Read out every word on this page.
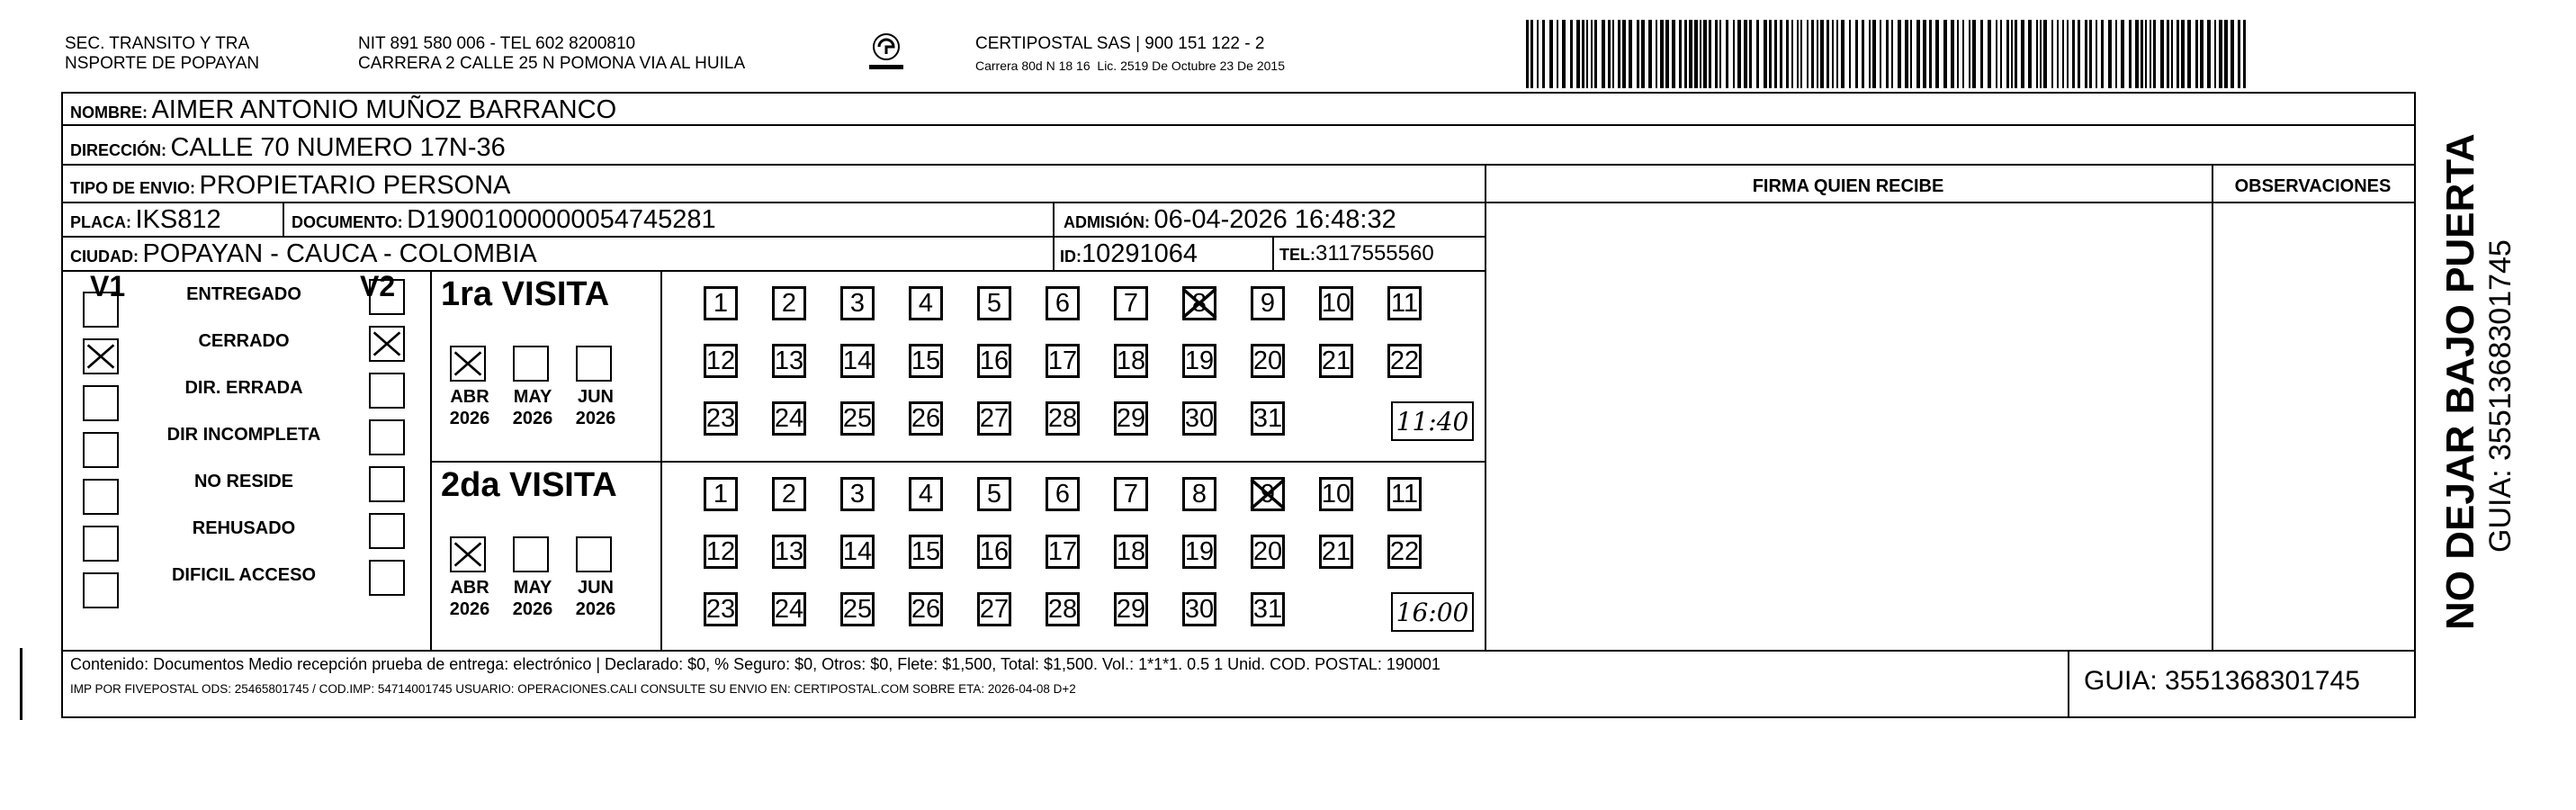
SEC. TRANSITO Y TRA
NSPORTE DE POPAYAN
NIT 891 580 006 - TEL 602 8200810
CARRERA 2 CALLE 25 N POMONA VIA AL HUILA
CERTIPOSTAL SAS | 900 151 122 - 2
Carrera 80d N 18 16  Lic. 2519 De Octubre 23 De 2015
NOMBRE: AIMER ANTONIO MUÑOZ BARRANCO
DIRECCIÓN: CALLE 70 NUMERO 17N-36
TIPO DE ENVIO: PROPIETARIO PERSONA	FIRMA QUIEN RECIBE	OBSERVACIONES
PLACA: IKS812	DOCUMENTO: D19001000000054745281	ADMISIÓN: 06-04-2026 16:48:32
CIUDAD: POPAYAN - CAUCA - COLOMBIA	ID:10291064	TEL:3117555560
V1	V2
ENTREGADO
CERRADO
DIR. ERRADA
DIR INCOMPLETA
NO RESIDE
REHUSADO
DIFICIL ACCESO
1ra VISITA
ABR
2026
MAY
2026
JUN
2026
1	2	3	4	5	6	7	8	9	10 11
12 13 14 15 16 17 18 19 20 21 22
23 24 25 26 27 28 29 30 31	11:40
2da VISITA
ABR
2026
MAY
2026
JUN
2026
1	2	3	4	5	6	7	8	9	10 11
12 13 14 15 16 17 18 19 20 21 22
23 24 25 26 27 28 29 30 31	16:00
Contenido: Documentos Medio recepción prueba de entrega: electrónico | Declarado: $0, % Seguro: $0, Otros: $0, Flete: $1,500, Total: $1,500. Vol.: 1*1*1. 0.5 1 Unid. COD. POSTAL: 190001
IMP POR FIVEPOSTAL ODS: 25465801745 / COD.IMP: 54714001745 USUARIO: OPERACIONES.CALI CONSULTE SU ENVIO EN: CERTIPOSTAL.COM SOBRE ETA: 2026-04-08 D+2	GUIA: 3551368301745
NO DEJAR BAJO PUERTA GUIA: 3551368301745
